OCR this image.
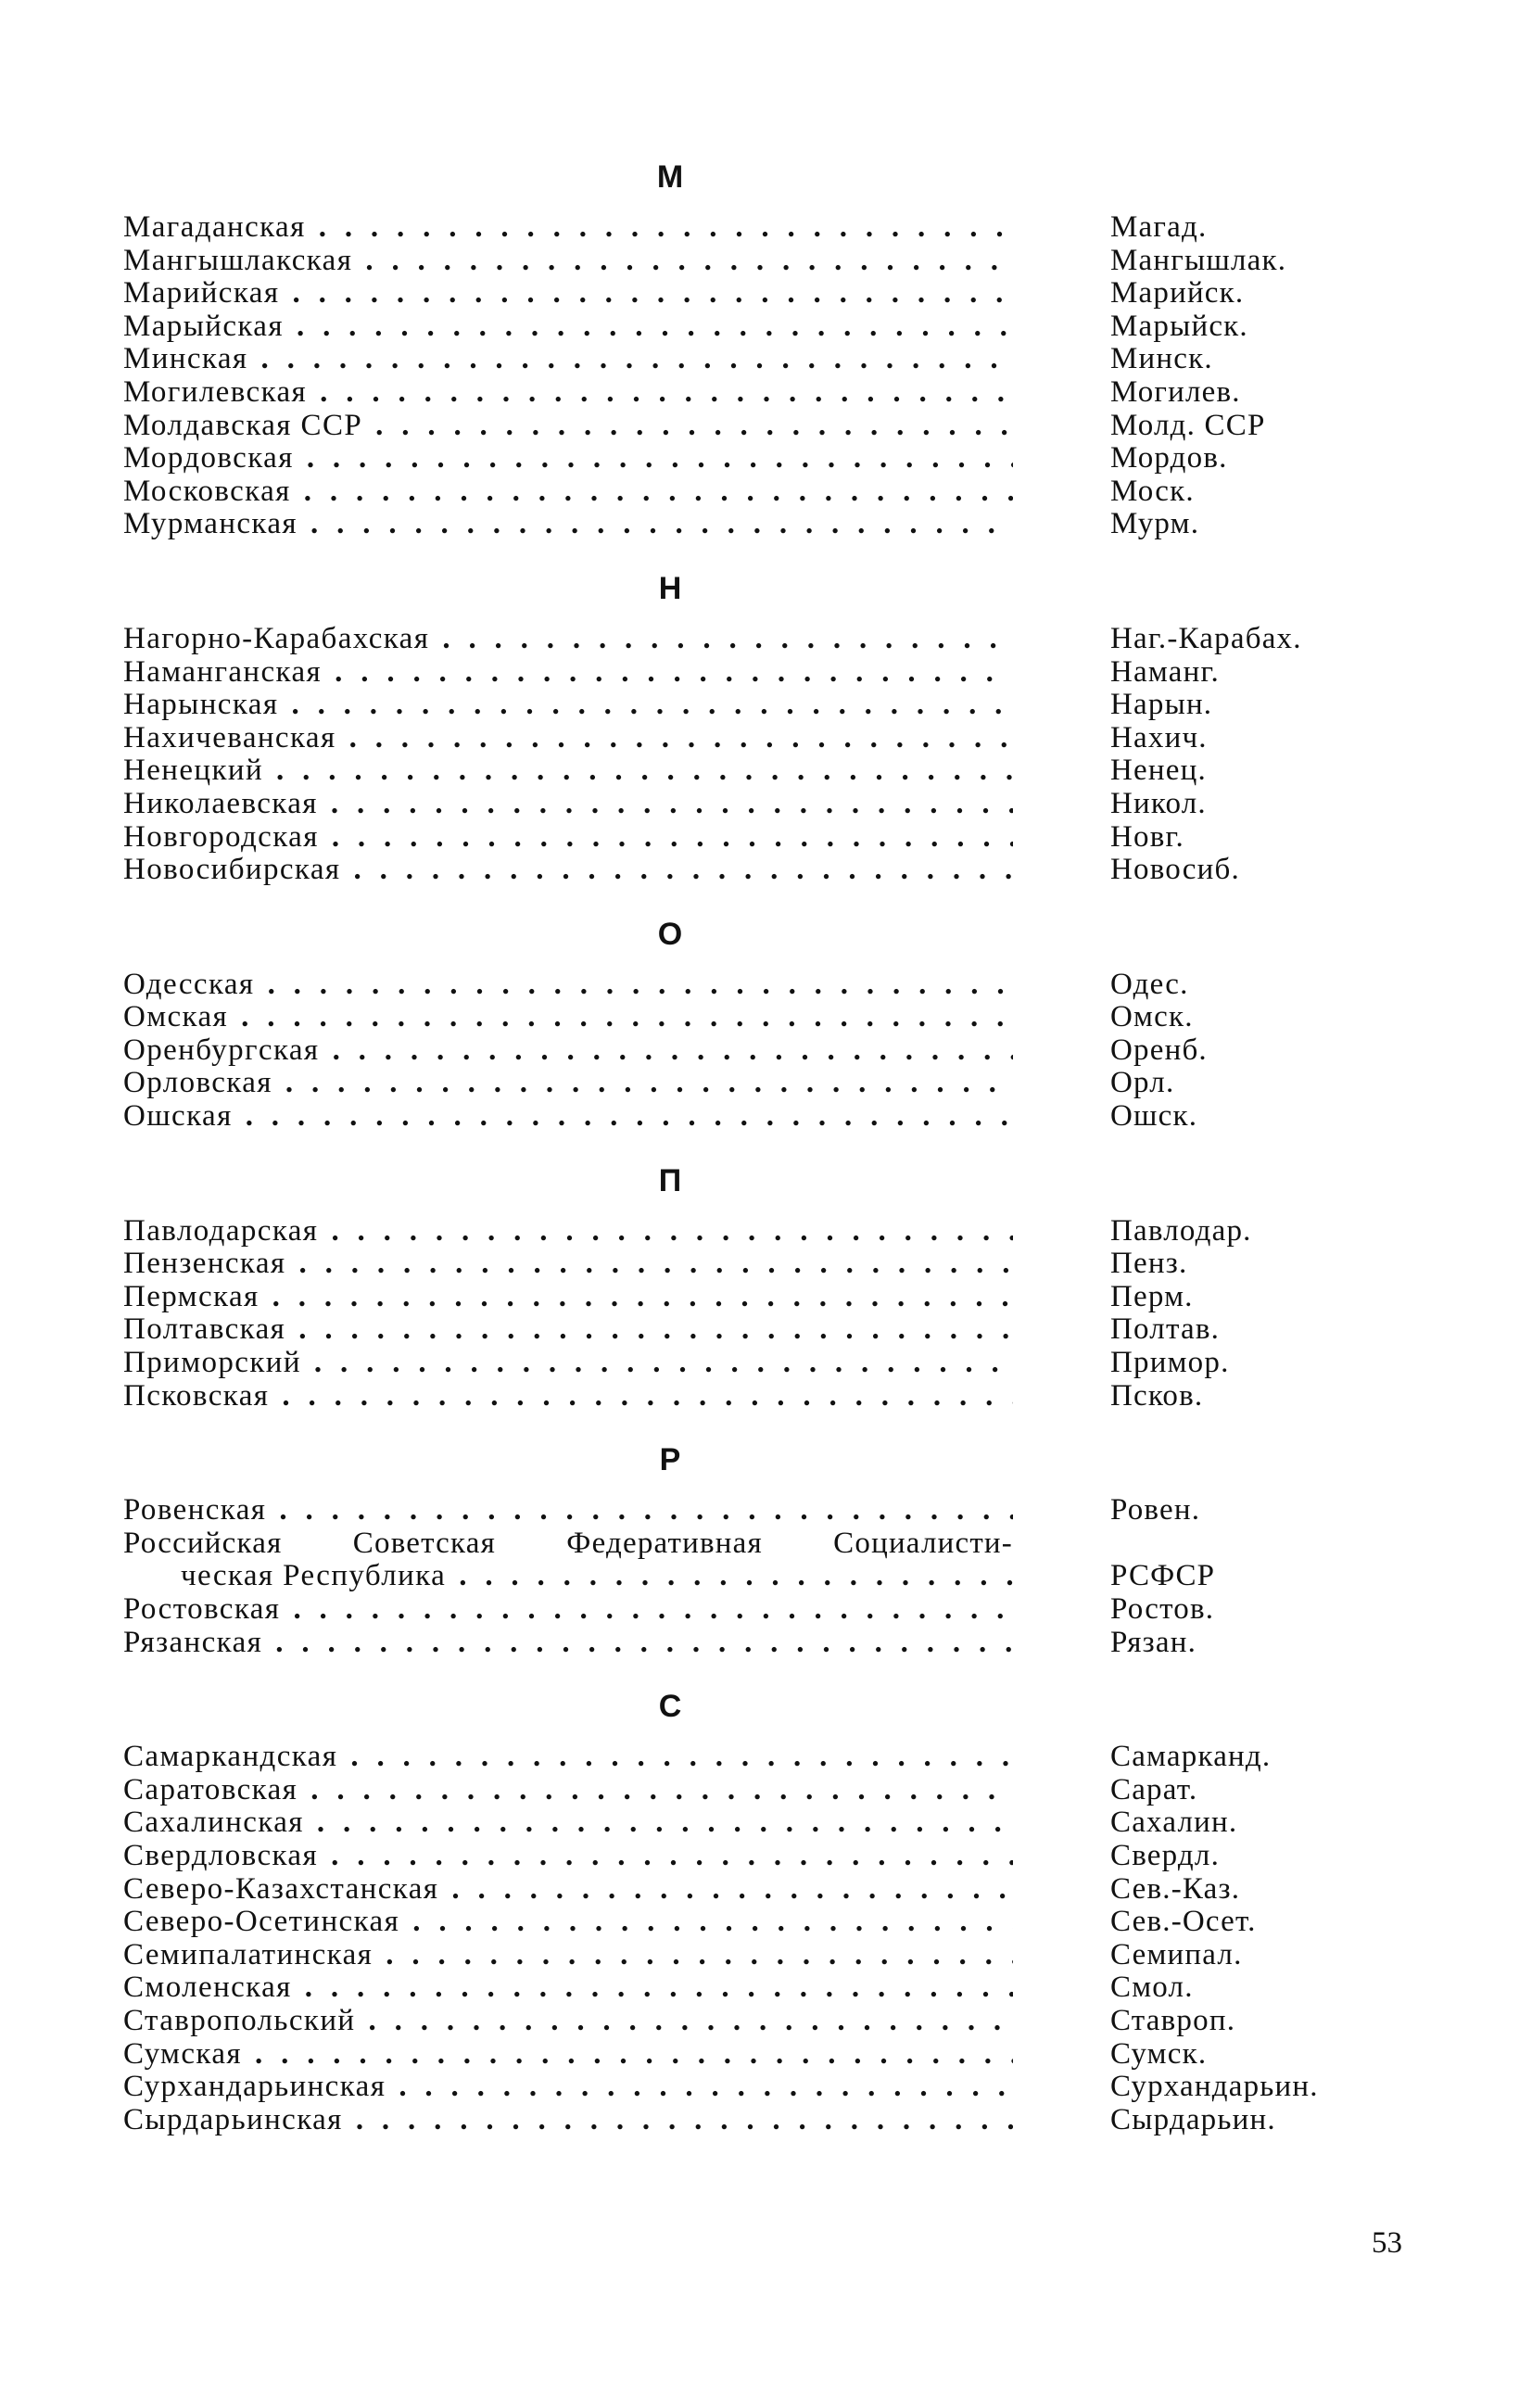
М
Магаданская . . .	Магад.
Мангышлакская . . .	Мангышлак.
Марийская . . .	Марийск.
Марыйская . . .	Марыйск.
Минская . . .	Минск.
Могилевская . . .	Могилев.
Молдавская ССР . . .	Молд. ССР
Мордовская . . .	Мордов.
Московская . . .	Моск.
Мурманская . . .	Мурм.
Н
Нагорно-Карабахская . . .	Наг.-Карабах.
Наманганская . . .	Наманг.
Нарынская . . .	Нарын.
Нахичеванская . . .	Нахич.
Ненецкий . . .	Ненец.
Николаевская . . .	Никол.
Новгородская . . .	Новг.
Новосибирская . . .	Новосиб.
О
Одесская . . .	Одес.
Омская . . .	Омск.
Оренбургская . . .	Оренб.
Орловская . . .	Орл.
Ошская . . .	Ошск.
П
Павлодарская . . .	Павлодар.
Пензенская . . .	Пенз.
Пермская . . .	Перм.
Полтавская . . .	Полтав.
Приморский . . .	Примор.
Псковская . . .	Псков.
Р
Ровенская . . .	Ровен.
Российская Советская Федеративная Социалисти-
ческая Республика . . .	РСФСР
Ростовская . . .	Ростов.
Рязанская . . .	Рязан.
С
Самаркандская . . .	Самарканд.
Саратовская . . .	Сарат.
Сахалинская . . .	Сахалин.
Свердловская . . .	Свердл.
Северо-Казахстанская . . .	Сев.-Каз.
Северо-Осетинская . . .	Сев.-Осет.
Семипалатинская . . .	Семипал.
Смоленская . . .	Смол.
Ставропольский . . .	Ставроп.
Сумская . . .	Сумск.
Сурхандарьинская . . .	Сурхандарьин.
Сырдарьинская . . .	Сырдарьин.
53
